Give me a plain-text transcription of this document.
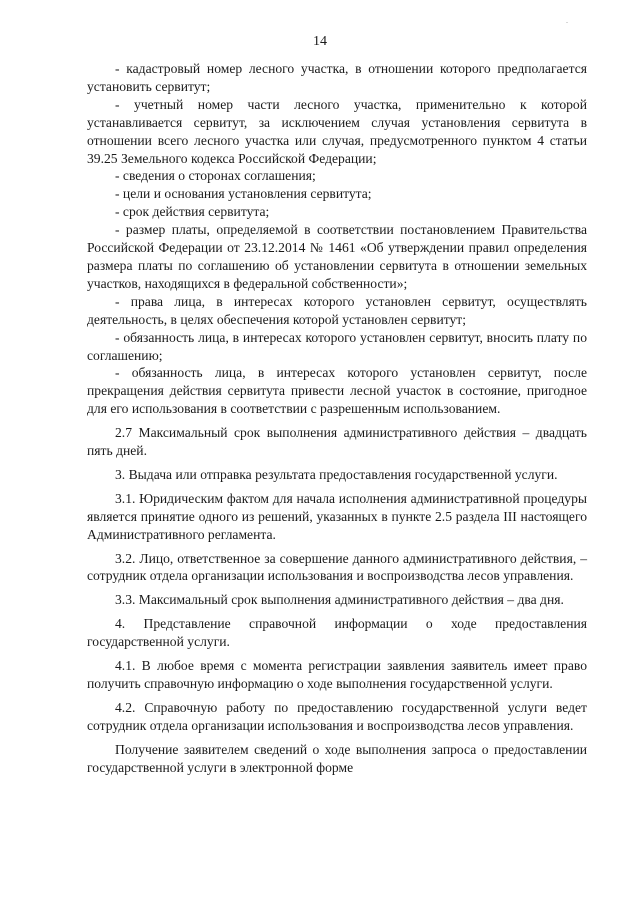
.
14

- кадастровый номер лесного участка, в отношении которого предполагается установить сервитут;

- учетный номер части лесного участка, применительно к которой устанавливается сервитут, за исключением случая установления сервитута в отношении всего лесного участка или случая, предусмотренного пунктом 4 статьи 39.25 Земельного кодекса Российской Федерации;

- сведения о сторонах соглашения;

- цели и основания установления сервитута;

- срок действия сервитута;

- размер платы, определяемой в соответствии постановлением Правительства Российской Федерации от 23.12.2014 № 1461 «Об утверждении правил определения размера платы по соглашению об установлении сервитута в отношении земельных участков, находящихся в федеральной собственности»;

- права лица, в интересах которого установлен сервитут, осуществлять деятельность, в целях обеспечения которой установлен сервитут;

- обязанность лица, в интересах которого установлен сервитут, вносить плату по соглашению;

- обязанность лица, в интересах которого установлен сервитут, после прекращения действия сервитута привести лесной участок в состояние, пригодное для его использования в соответствии с разрешенным использованием.

2.7 Максимальный срок выполнения административного действия – двадцать пять дней.

3. Выдача или отправка результата предоставления государственной услуги.

3.1. Юридическим фактом для начала исполнения административной процедуры является принятие одного из решений, указанных в пункте 2.5 раздела III настоящего Административного регламента.

3.2. Лицо, ответственное за совершение данного административного действия, – сотрудник отдела организации использования и воспроизводства лесов управления.

3.3. Максимальный срок выполнения административного действия – два дня.

4. Представление справочной информации о ходе предоставления государственной услуги.

4.1. В любое время с момента регистрации заявления заявитель имеет право получить справочную информацию о ходе выполнения государственной услуги.

4.2. Справочную работу по предоставлению государственной услуги ведет сотрудник отдела организации использования и воспроизводства лесов управления.

Получение заявителем сведений о ходе выполнения запроса о предоставлении государственной услуги в электронной форме
